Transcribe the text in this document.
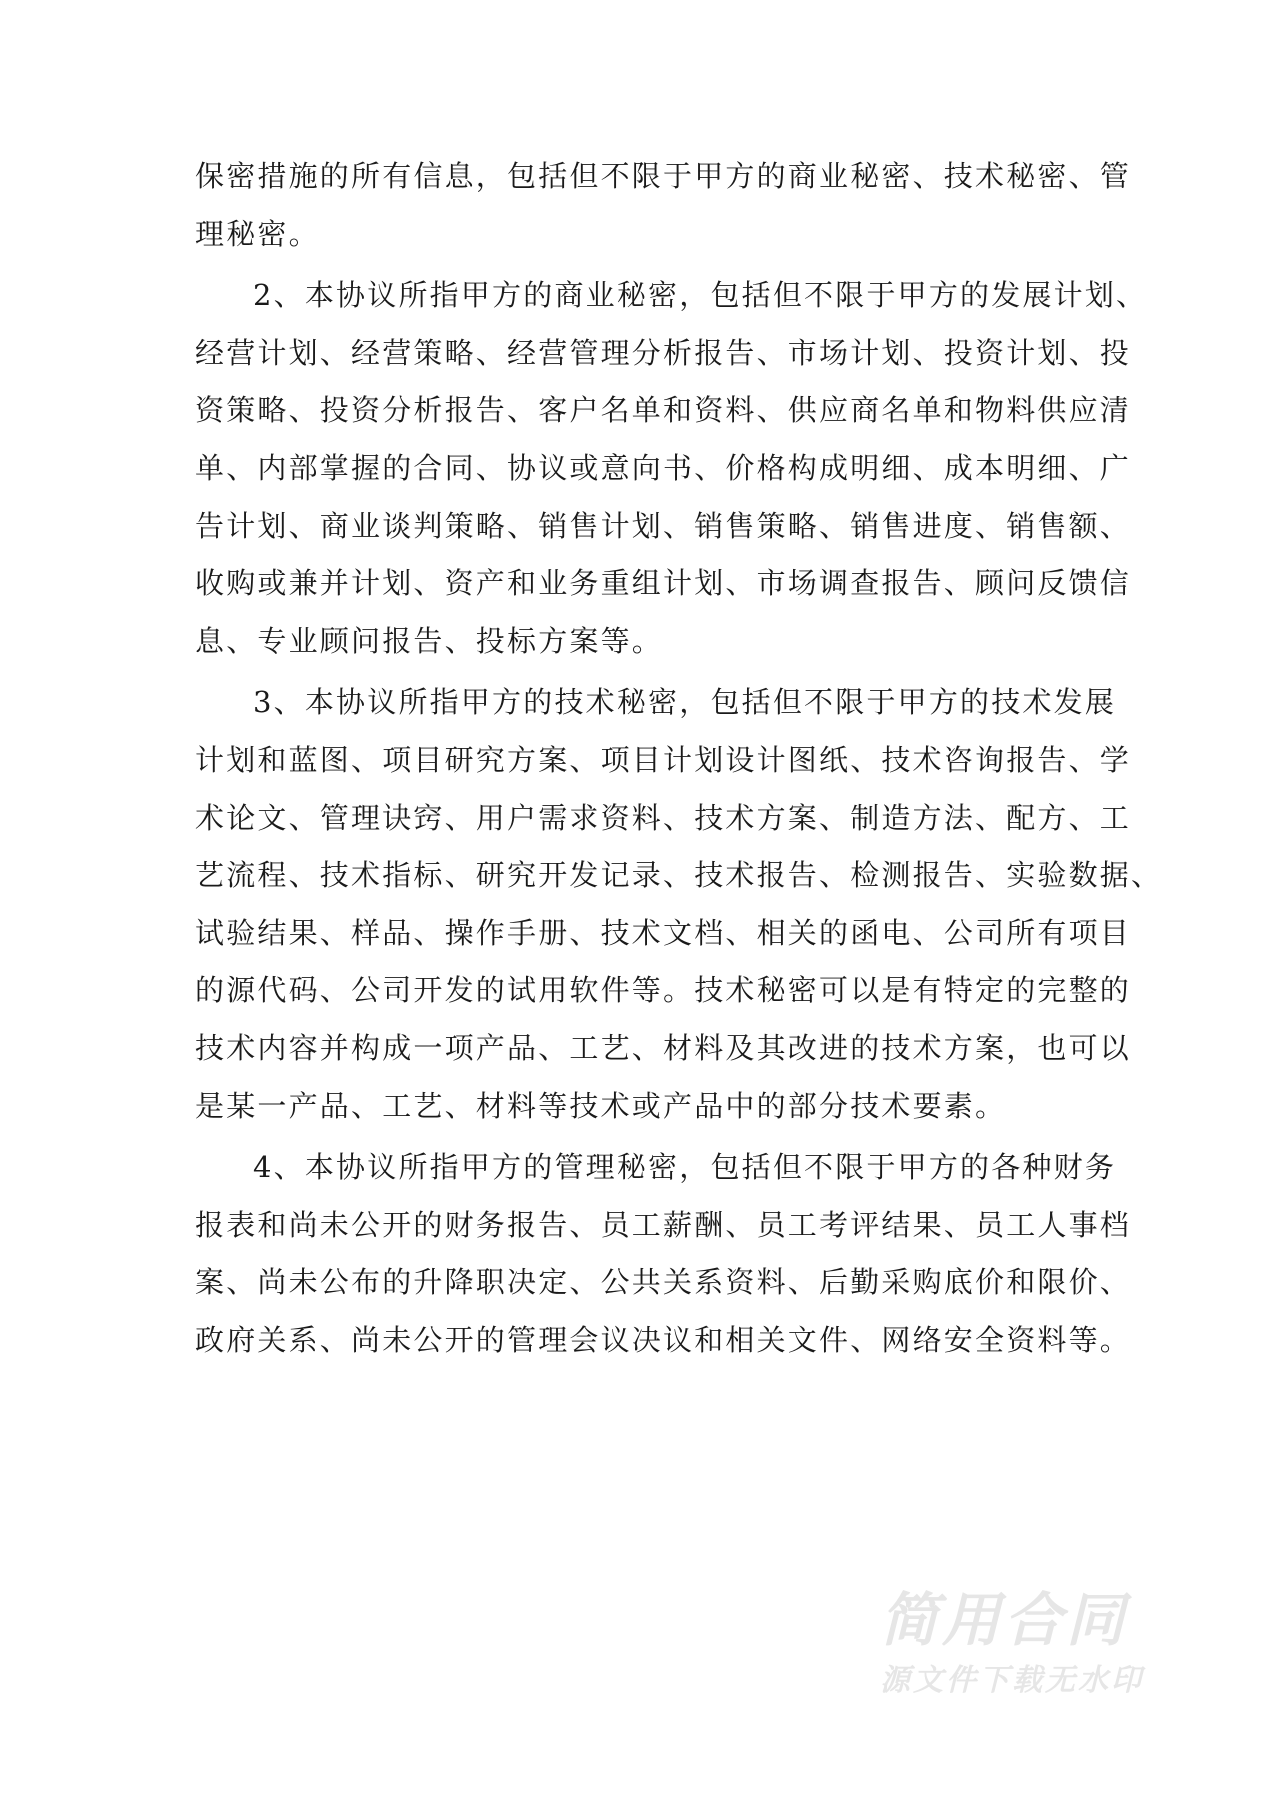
保密措施的所有信息，包括但不限于甲方的商业秘密、技术秘密、管
理秘密。
2、本协议所指甲方的商业秘密，包括但不限于甲方的发展计划、
经营计划、经营策略、经营管理分析报告、市场计划、投资计划、投
资策略、投资分析报告、客户名单和资料、供应商名单和物料供应清
单、内部掌握的合同、协议或意向书、价格构成明细、成本明细、广
告计划、商业谈判策略、销售计划、销售策略、销售进度、销售额、
收购或兼并计划、资产和业务重组计划、市场调查报告、顾问反馈信
息、专业顾问报告、投标方案等。
3、本协议所指甲方的技术秘密，包括但不限于甲方的技术发展
计划和蓝图、项目研究方案、项目计划设计图纸、技术咨询报告、学
术论文、管理诀窍、用户需求资料、技术方案、制造方法、配方、工
艺流程、技术指标、研究开发记录、技术报告、检测报告、实验数据、
试验结果、样品、操作手册、技术文档、相关的函电、公司所有项目
的源代码、公司开发的试用软件等。技术秘密可以是有特定的完整的
技术内容并构成一项产品、工艺、材料及其改进的技术方案，也可以
是某一产品、工艺、材料等技术或产品中的部分技术要素。
4、本协议所指甲方的管理秘密，包括但不限于甲方的各种财务
报表和尚未公开的财务报告、员工薪酬、员工考评结果、员工人事档
案、尚未公布的升降职决定、公共关系资料、后勤采购底价和限价、
政府关系、尚未公开的管理会议决议和相关文件、网络安全资料等。
简用合同
源文件下载无水印
